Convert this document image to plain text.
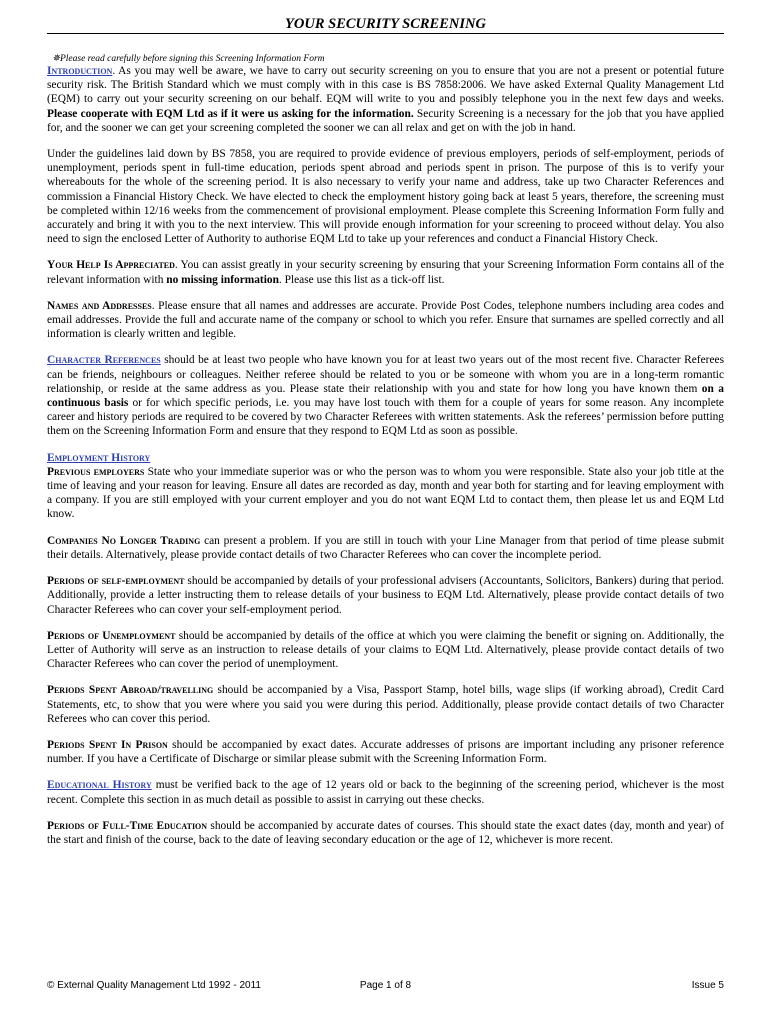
YOUR SECURITY SCREENING
✵Please read carefully before signing this Screening Information Form

Introduction. As you may well be aware, we have to carry out security screening on you to ensure that you are not a present or potential future security risk. The British Standard which we must comply with in this case is BS 7858:2006. We have asked External Quality Management Ltd (EQM) to carry out your security screening on our behalf. EQM will write to you and possibly telephone you in the next few days and weeks. Please cooperate with EQM Ltd as if it were us asking for the information. Security Screening is a necessary for the job that you have applied for, and the sooner we can get your screening completed the sooner we can all relax and get on with the job in hand.

Under the guidelines laid down by BS 7858, you are required to provide evidence of previous employers, periods of self-employment, periods of unemployment, periods spent in full-time education, periods spent abroad and periods spent in prison. The purpose of this is to verify your whereabouts for the whole of the screening period. It is also necessary to verify your name and address, take up two Character References and commission a Financial History Check. We have elected to check the employment history going back at least 5 years, therefore, the screening must be completed within 12/16 weeks from the commencement of provisional employment. Please complete this Screening Information Form fully and accurately and bring it with you to the next interview. This will provide enough information for your screening to proceed without delay. You also need to sign the enclosed Letter of Authority to authorise EQM Ltd to take up your references and conduct a Financial History Check.

Your Help Is Appreciated. You can assist greatly in your security screening by ensuring that your Screening Information Form contains all of the relevant information with no missing information. Please use this list as a tick-off list.

Names and Addresses. Please ensure that all names and addresses are accurate. Provide Post Codes, telephone numbers including area codes and email addresses. Provide the full and accurate name of the company or school to which you refer. Ensure that surnames are spelled correctly and all information is clearly written and legible.

Character References should be at least two people who have known you for at least two years out of the most recent five. Character Referees can be friends, neighbours or colleagues. Neither referee should be related to you or be someone with whom you are in a long-term romantic relationship, or reside at the same address as you. Please state their relationship with you and state for how long you have known them on a continuous basis or for which specific periods, i.e. you may have lost touch with them for a couple of years for some reason. Any incomplete career and history periods are required to be covered by two Character Referees with written statements. Ask the referees’ permission before putting them on the Screening Information Form and ensure that they respond to EQM Ltd as soon as possible.

Employment History

Previous employers State who your immediate superior was or who the person was to whom you were responsible. State also your job title at the time of leaving and your reason for leaving. Ensure all dates are recorded as day, month and year both for starting and for leaving employment with a company. If you are still employed with your current employer and you do not want EQM Ltd to contact them, then please let us and EQM Ltd know.

Companies No Longer Trading can present a problem. If you are still in touch with your Line Manager from that period of time please submit their details. Alternatively, please provide contact details of two Character Referees who can cover the incomplete period.

Periods of self-employment should be accompanied by details of your professional advisers (Accountants, Solicitors, Bankers) during that period. Additionally, provide a letter instructing them to release details of your business to EQM Ltd. Alternatively, please provide contact details of two Character Referees who can cover your self-employment period.

Periods of Unemployment should be accompanied by details of the office at which you were claiming the benefit or signing on. Additionally, the Letter of Authority will serve as an instruction to release details of your claims to EQM Ltd. Alternatively, please provide contact details of two Character Referees who can cover the period of unemployment.

Periods Spent Abroad/travelling should be accompanied by a Visa, Passport Stamp, hotel bills, wage slips (if working abroad), Credit Card Statements, etc, to show that you were where you said you were during this period. Additionally, please provide contact details of two Character Referees who can cover this period.

Periods Spent In Prison should be accompanied by exact dates. Accurate addresses of prisons are important including any prisoner reference number. If you have a Certificate of Discharge or similar please submit with the Screening Information Form.

Educational History must be verified back to the age of 12 years old or back to the beginning of the screening period, whichever is the most recent. Complete this section in as much detail as possible to assist in carrying out these checks.

Periods of Full-Time Education should be accompanied by accurate dates of courses. This should state the exact dates (day, month and year) of the start and finish of the course, back to the date of leaving secondary education or the age of 12, whichever is more recent.

© External Quality Management Ltd 1992 - 2011	Page 1 of 8	Issue 5
